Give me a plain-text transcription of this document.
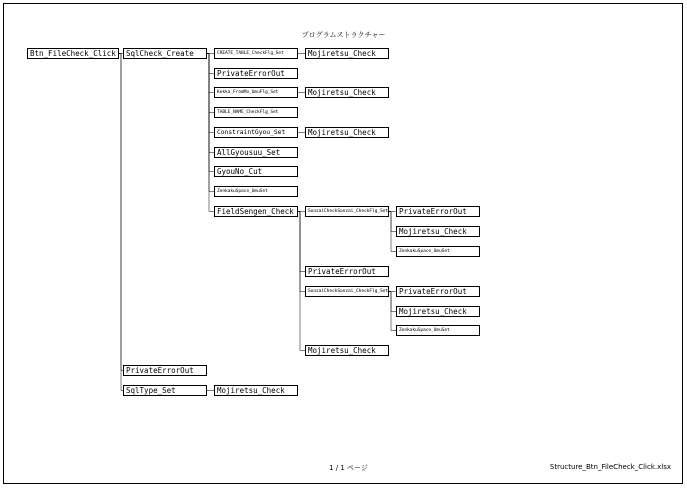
プログラムストラクチャー
Btn_FileCheck_Click	SqlCheck_Create	CREATE_TABLE_CheckFlg_Set	Mojiretsu_Check
PrivateErrorOut
Kekka_FromMo_UmuFlg_Set	Mojiretsu_Check
TABLE_NAME_CheckFlg_Set
ConstraintGyou_Set	Mojiretsu_Check
AllGyousuu_Set
GyouNo_Cut
ZenkakuSpace_UmuSet
FieldSengen_Check	SonzaiCheckSonzai_CheckFlg_Set	PrivateErrorOut
Mojiretsu_Check
ZenkakuSpace_UmuSet
PrivateErrorOut
SonzaiCheckSonzai_CheckFlg_Set	PrivateErrorOut
Mojiretsu_Check
ZenkakuSpace_UmuSet
Mojiretsu_Check
PrivateErrorOut
SqlType_Set	Mojiretsu_Check
1 / 1 ページ	Structure_Btn_FileCheck_Click.xlsx
